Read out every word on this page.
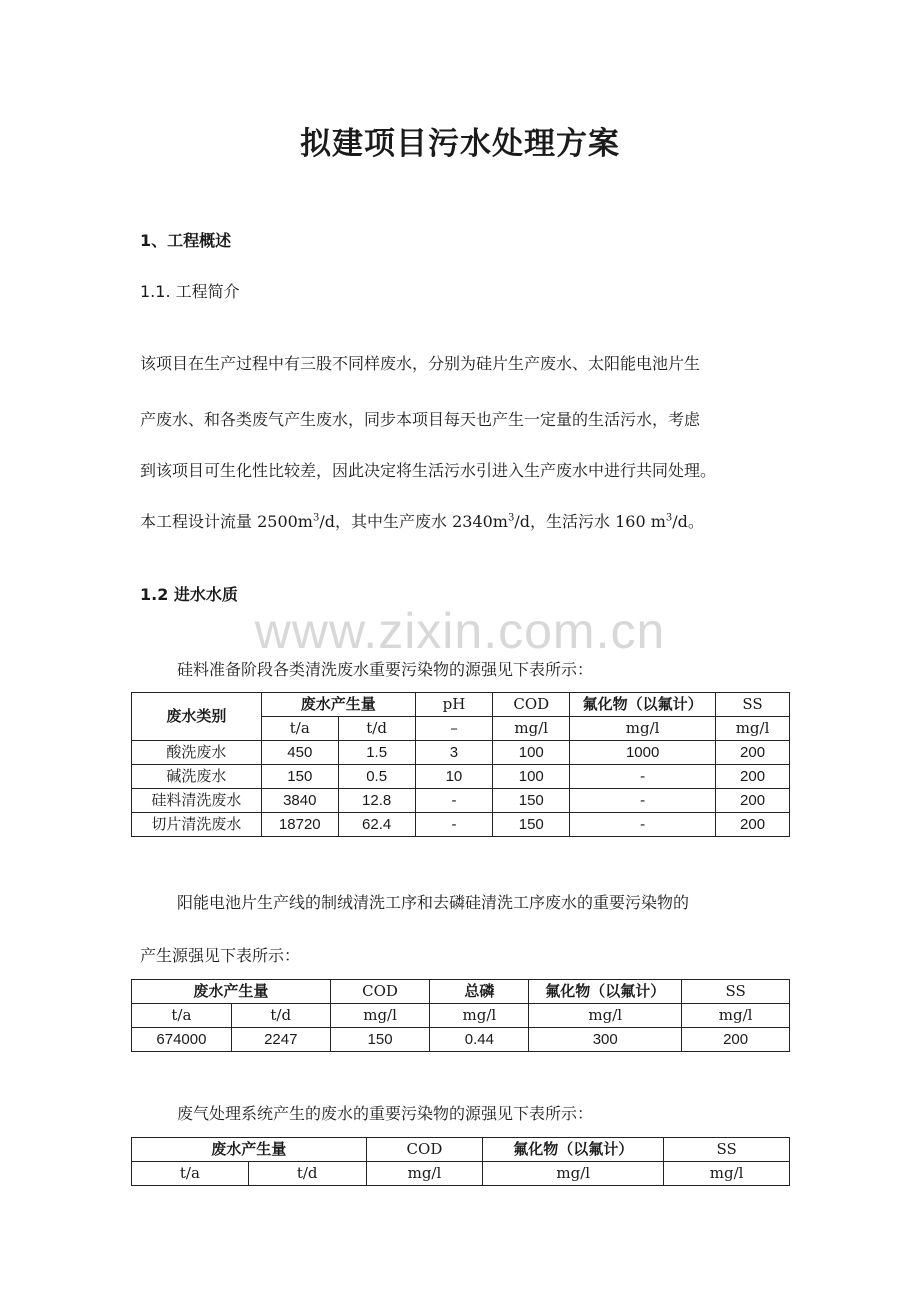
www.zixin.com.cn
拟建项目污水处理方案
1、工程概述
1.1. 工程简介
该项目在生产过程中有三股不同样废水，分别为硅片生产废水、太阳能电池片生
产废水、和各类废气产生废水，同步本项目每天也产生一定量的生活污水，考虑
到该项目可生化性比较差，因此决定将生活污水引进入生产废水中进行共同处理。
本工程设计流量 $2500m^3/d$，其中生产废水 $2340m^3/d$，生活污水 160 $m^3/d$。
1.2 进水水质
硅料准备阶段各类清洗废水重要污染物的源强见下表所示：
废水类别	废水产生量		pH	COD	氟化物（以氟计）	SS
	t/a	t/d	–	mg/l	mg/l	mg/l
酸洗废水	450	1.5	3	100	1000	200
碱洗废水	150	0.5	10	100	-	200
硅料清洗废水	3840	12.8	-	150	-	200
切片清洗废水	18720	62.4	-	150	-	200
阳能电池片生产线的制绒清洗工序和去磷硅清洗工序废水的重要污染物的
产生源强见下表所示：
废水产生量		COD	总磷	氟化物（以氟计）	SS
t/a	t/d	mg/l	mg/l	mg/l	mg/l
674000	2247	150	0.44	300	200
废气处理系统产生的废水的重要污染物的源强见下表所示：
废水产生量		COD	氟化物（以氟计）	SS
t/a	t/d	mg/l	mg/l	mg/l
